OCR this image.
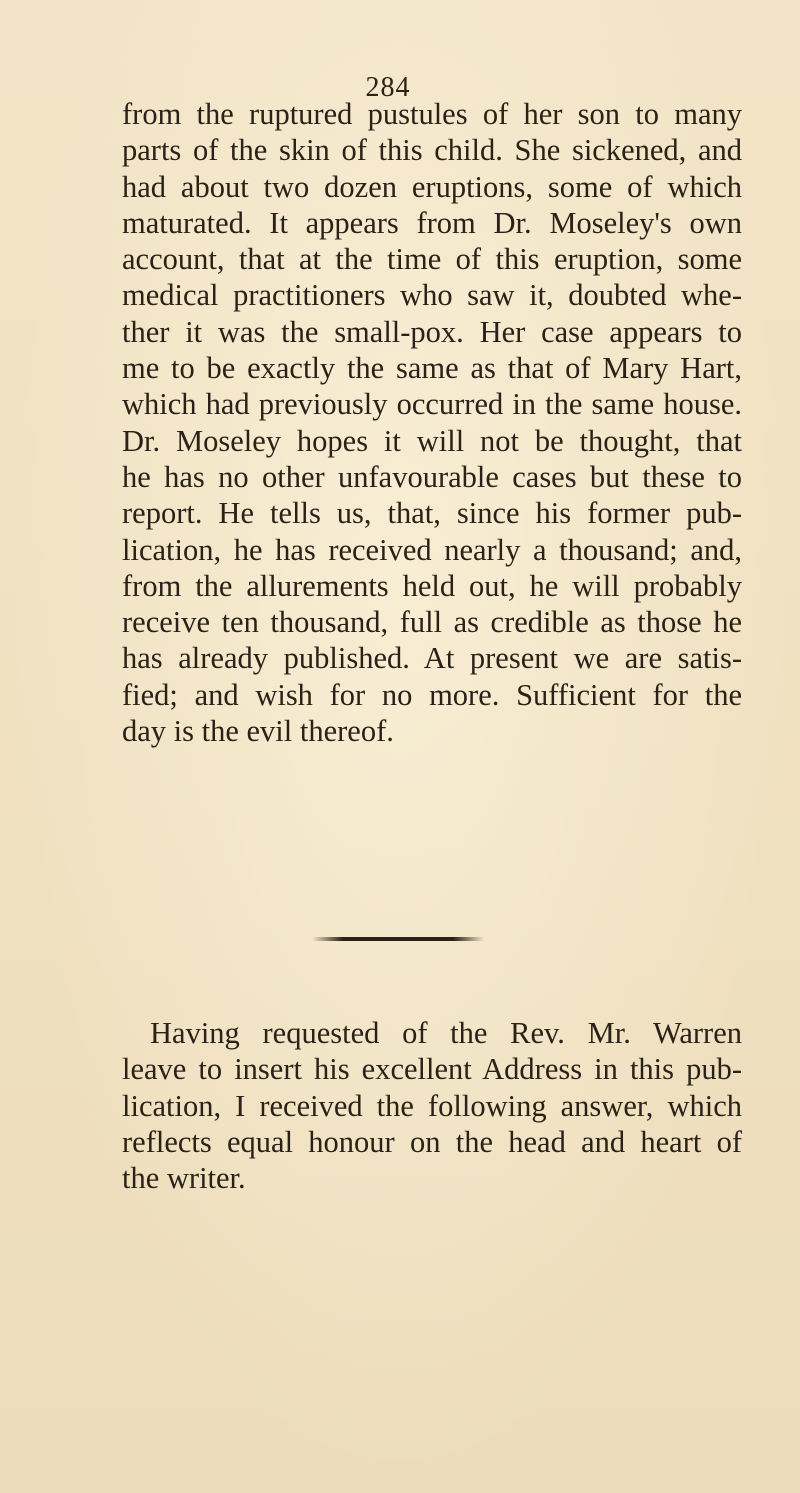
284
from the ruptured pustules of her son to many
parts of the skin of this child. She sickened, and
had about two dozen eruptions, some of which
maturated. It appears from Dr. Moseley's own
account, that at the time of this eruption, some
medical practitioners who saw it, doubted whe-
ther it was the small-pox. Her case appears to
me to be exactly the same as that of Mary Hart,
which had previously occurred in the same house.
Dr. Moseley hopes it will not be thought, that
he has no other unfavourable cases but these to
report. He tells us, that, since his former pub-
lication, he has received nearly a thousand; and,
from the allurements held out, he will probably
receive ten thousand, full as credible as those he
has already published. At present we are satis-
fied; and wish for no more. Sufficient for the
day is the evil thereof.
Having requested of the Rev. Mr. Warren
leave to insert his excellent Address in this pub-
lication, I received the following answer, which
reflects equal honour on the head and heart of
the writer.
